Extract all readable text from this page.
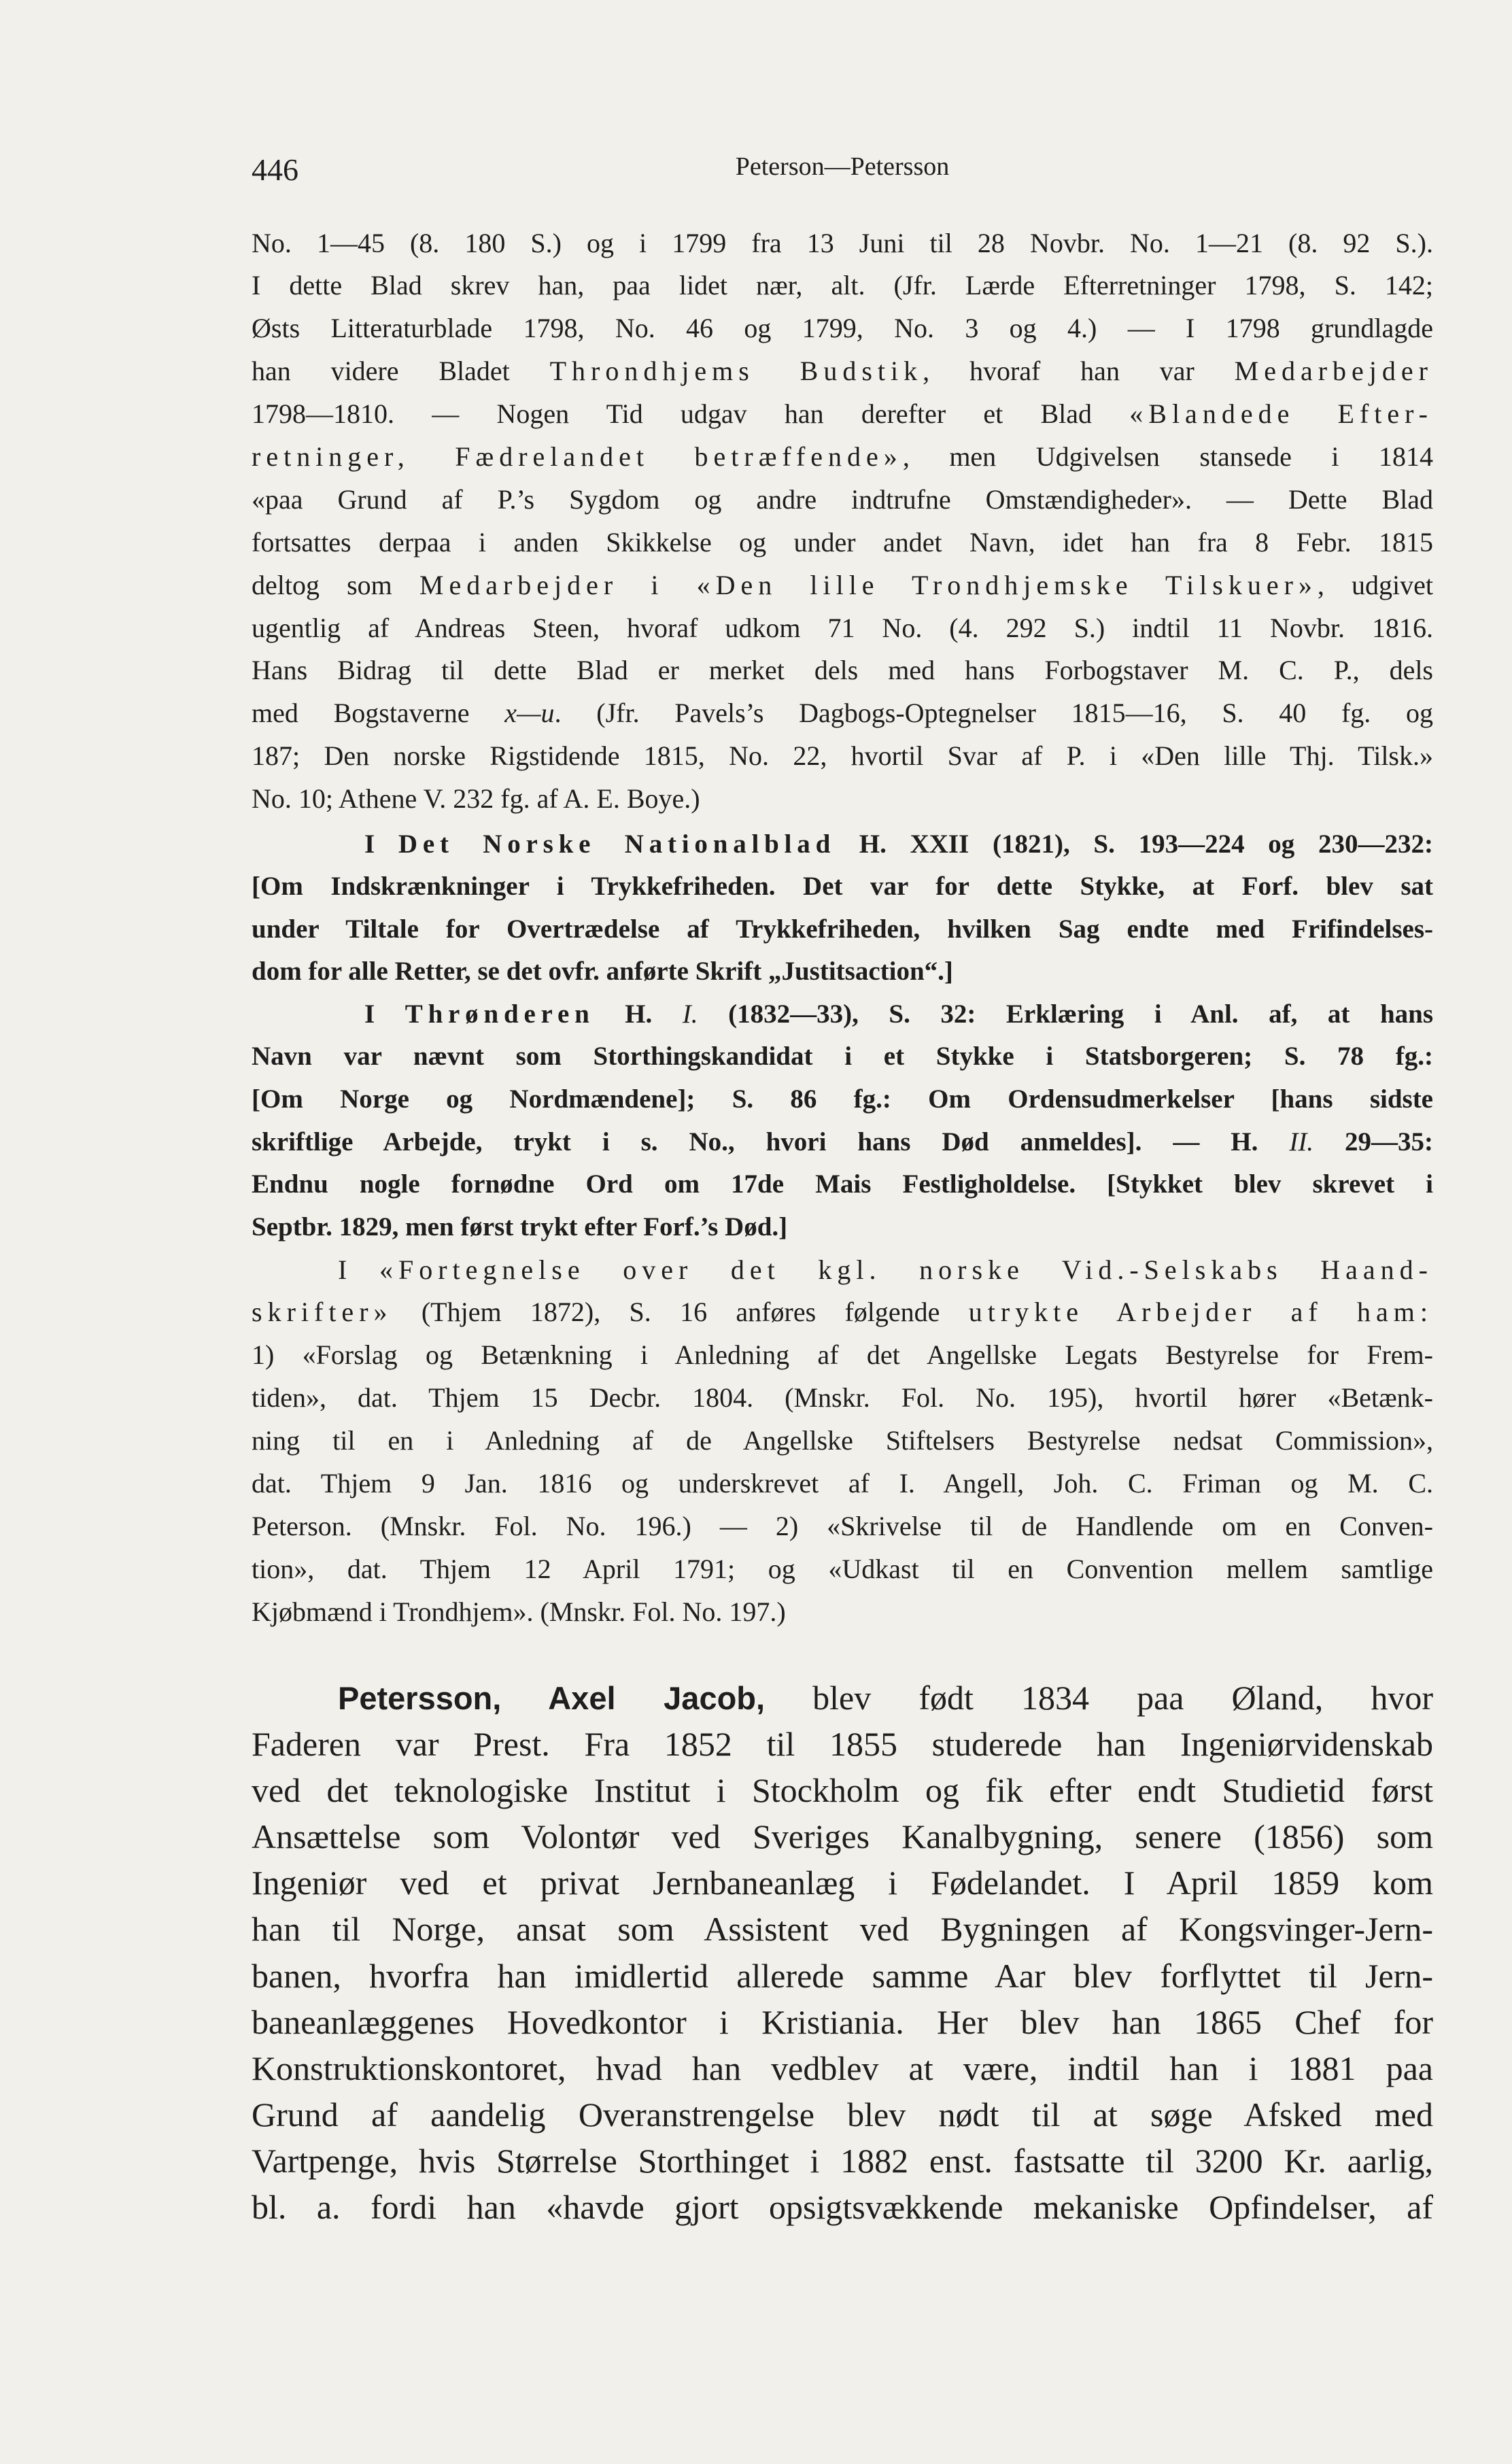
446	Peterson—Petersson
No. 1—45 (8. 180 S.) og i 1799 fra 13 Juni til 28 Novbr. No. 1—21 (8. 92 S.).
I dette Blad skrev han, paa lidet nær, alt. (Jfr. Lærde Efterretninger 1798, S. 142;
Østs Litteraturblade 1798, No. 46 og 1799, No. 3 og 4.) — I 1798 grundlagde
han videre Bladet Throndhjems Budstik, hvoraf han var Medarbejder
1798—1810. — Nogen Tid udgav han derefter et Blad «Blandede Efter-
retninger, Fædrelandet betræffende», men Udgivelsen stansede i 1814
«paa Grund af P.’s Sygdom og andre indtrufne Omstændigheder». — Dette Blad
fortsattes derpaa i anden Skikkelse og under andet Navn, idet han fra 8 Febr. 1815
deltog som Medarbejder i «Den lille Trondhjemske Tilskuer», udgivet
ugentlig af Andreas Steen, hvoraf udkom 71 No. (4. 292 S.) indtil 11 Novbr. 1816.
Hans Bidrag til dette Blad er merket dels med hans Forbogstaver M. C. P., dels
med Bogstaverne x—u. (Jfr. Pavels’s Dagbogs-Optegnelser 1815—16, S. 40 fg. og
187; Den norske Rigstidende 1815, No. 22, hvortil Svar af P. i «Den lille Thj. Tilsk.»
No. 10; Athene V. 232 fg. af A. E. Boye.)
I Det Norske Nationalblad H. XXII (1821), S. 193—224 og 230—232:
[Om Indskrænkninger i Trykkefriheden. Det var for dette Stykke, at Forf. blev sat
under Tiltale for Overtrædelse af Trykkefriheden, hvilken Sag endte med Frifindelses-
dom for alle Retter, se det ovfr. anførte Skrift „Justitsaction“.]
I Thrønderen H. I. (1832—33), S. 32: Erklæring i Anl. af, at hans
Navn var nævnt som Storthingskandidat i et Stykke i Statsborgeren; S. 78 fg.:
[Om Norge og Nordmændene]; S. 86 fg.: Om Ordensudmerkelser [hans sidste
skriftlige Arbejde, trykt i s. No., hvori hans Død anmeldes]. — H. II. 29—35:
Endnu nogle fornødne Ord om 17de Mais Festligholdelse. [Stykket blev skrevet i
Septbr. 1829, men først trykt efter Forf.’s Død.]
I «Fortegnelse over det kgl. norske Vid.-Selskabs Haand-
skrifter» (Thjem 1872), S. 16 anføres følgende utrykte Arbejder af ham:
1) «Forslag og Betænkning i Anledning af det Angellske Legats Bestyrelse for Frem-
tiden», dat. Thjem 15 Decbr. 1804. (Mnskr. Fol. No. 195), hvortil hører «Betænk-
ning til en i Anledning af de Angellske Stiftelsers Bestyrelse nedsat Commission»,
dat. Thjem 9 Jan. 1816 og underskrevet af I. Angell, Joh. C. Friman og M. C.
Peterson. (Mnskr. Fol. No. 196.) — 2) «Skrivelse til de Handlende om en Conven-
tion», dat. Thjem 12 April 1791; og «Udkast til en Convention mellem samtlige
Kjøbmænd i Trondhjem». (Mnskr. Fol. No. 197.)
Petersson, Axel Jacob, blev født 1834 paa Øland, hvor
Faderen var Prest. Fra 1852 til 1855 studerede han Ingeniørvidenskab
ved det teknologiske Institut i Stockholm og fik efter endt Studietid først
Ansættelse som Volontør ved Sveriges Kanalbygning, senere (1856) som
Ingeniør ved et privat Jernbaneanlæg i Fødelandet. I April 1859 kom
han til Norge, ansat som Assistent ved Bygningen af Kongsvinger-Jern-
banen, hvorfra han imidlertid allerede samme Aar blev forflyttet til Jern-
baneanlæggenes Hovedkontor i Kristiania. Her blev han 1865 Chef for
Konstruktionskontoret, hvad han vedblev at være, indtil han i 1881 paa
Grund af aandelig Overanstrengelse blev nødt til at søge Afsked med
Vartpenge, hvis Størrelse Storthinget i 1882 enst. fastsatte til 3200 Kr. aarlig,
bl. a. fordi han «havde gjort opsigtsvækkende mekaniske Opfindelser, af
